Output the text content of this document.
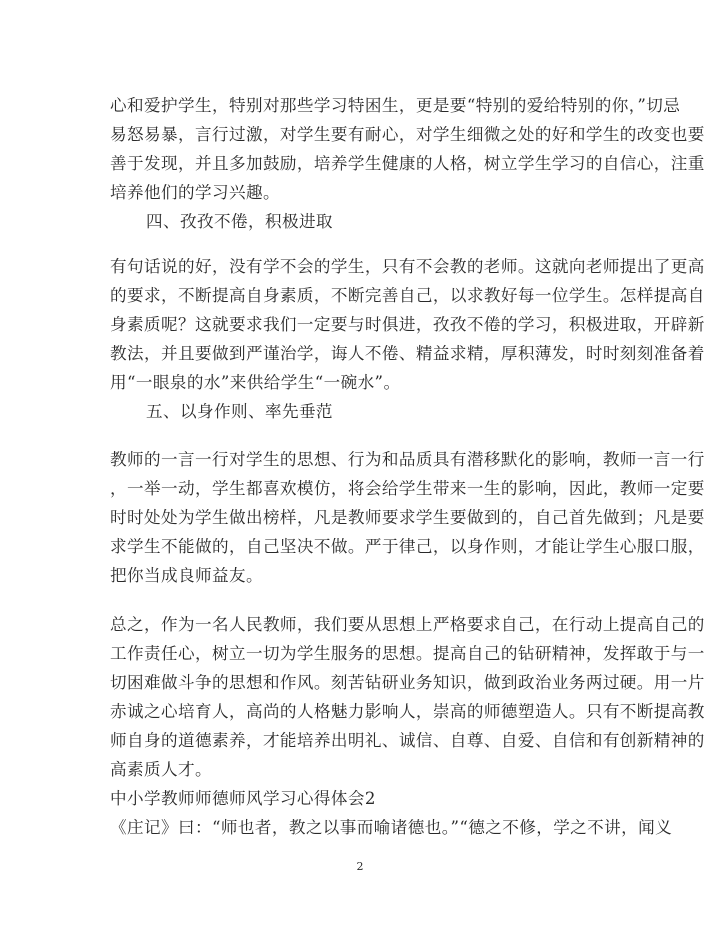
心和爱护学生，特别对那些学习特困生，更是要“特别的爱给特别的你，”切忌
易怒易暴，言行过激，对学生要有耐心，对学生细微之处的好和学生的改变也要
善于发现，并且多加鼓励，培养学生健康的人格，树立学生学习的自信心，注重
培养他们的学习兴趣。
四、孜孜不倦，积极进取
有句话说的好，没有学不会的学生，只有不会教的老师。这就向老师提出了更高
的要求，不断提高自身素质，不断完善自己，以求教好每一位学生。怎样提高自
身素质呢？这就要求我们一定要与时俱进，孜孜不倦的学习，积极进取，开辟新
教法，并且要做到严谨治学，诲人不倦、精益求精，厚积薄发，时时刻刻准备着
用“一眼泉的水”来供给学生“一碗水”。
五、以身作则、率先垂范
教师的一言一行对学生的思想、行为和品质具有潜移默化的影响，教师一言一行
，一举一动，学生都喜欢模仿，将会给学生带来一生的影响，因此，教师一定要
时时处处为学生做出榜样，凡是教师要求学生要做到的，自己首先做到；凡是要
求学生不能做的，自己坚决不做。严于律己，以身作则，才能让学生心服口服，
把你当成良师益友。
总之，作为一名人民教师，我们要从思想上严格要求自己，在行动上提高自己的
工作责任心，树立一切为学生服务的思想。提高自己的钻研精神，发挥敢于与一
切困难做斗争的思想和作风。刻苦钻研业务知识，做到政治业务两过硬。用一片
赤诚之心培育人，高尚的人格魅力影响人，崇高的师德塑造人。只有不断提高教
师自身的道德素养，才能培养出明礼、诚信、自尊、自爱、自信和有创新精神的
高素质人才。
中小学教师师德师风学习心得体会2
《庄记》曰：“师也者，教之以事而喻诸德也。”“德之不修，学之不讲，闻义
2
